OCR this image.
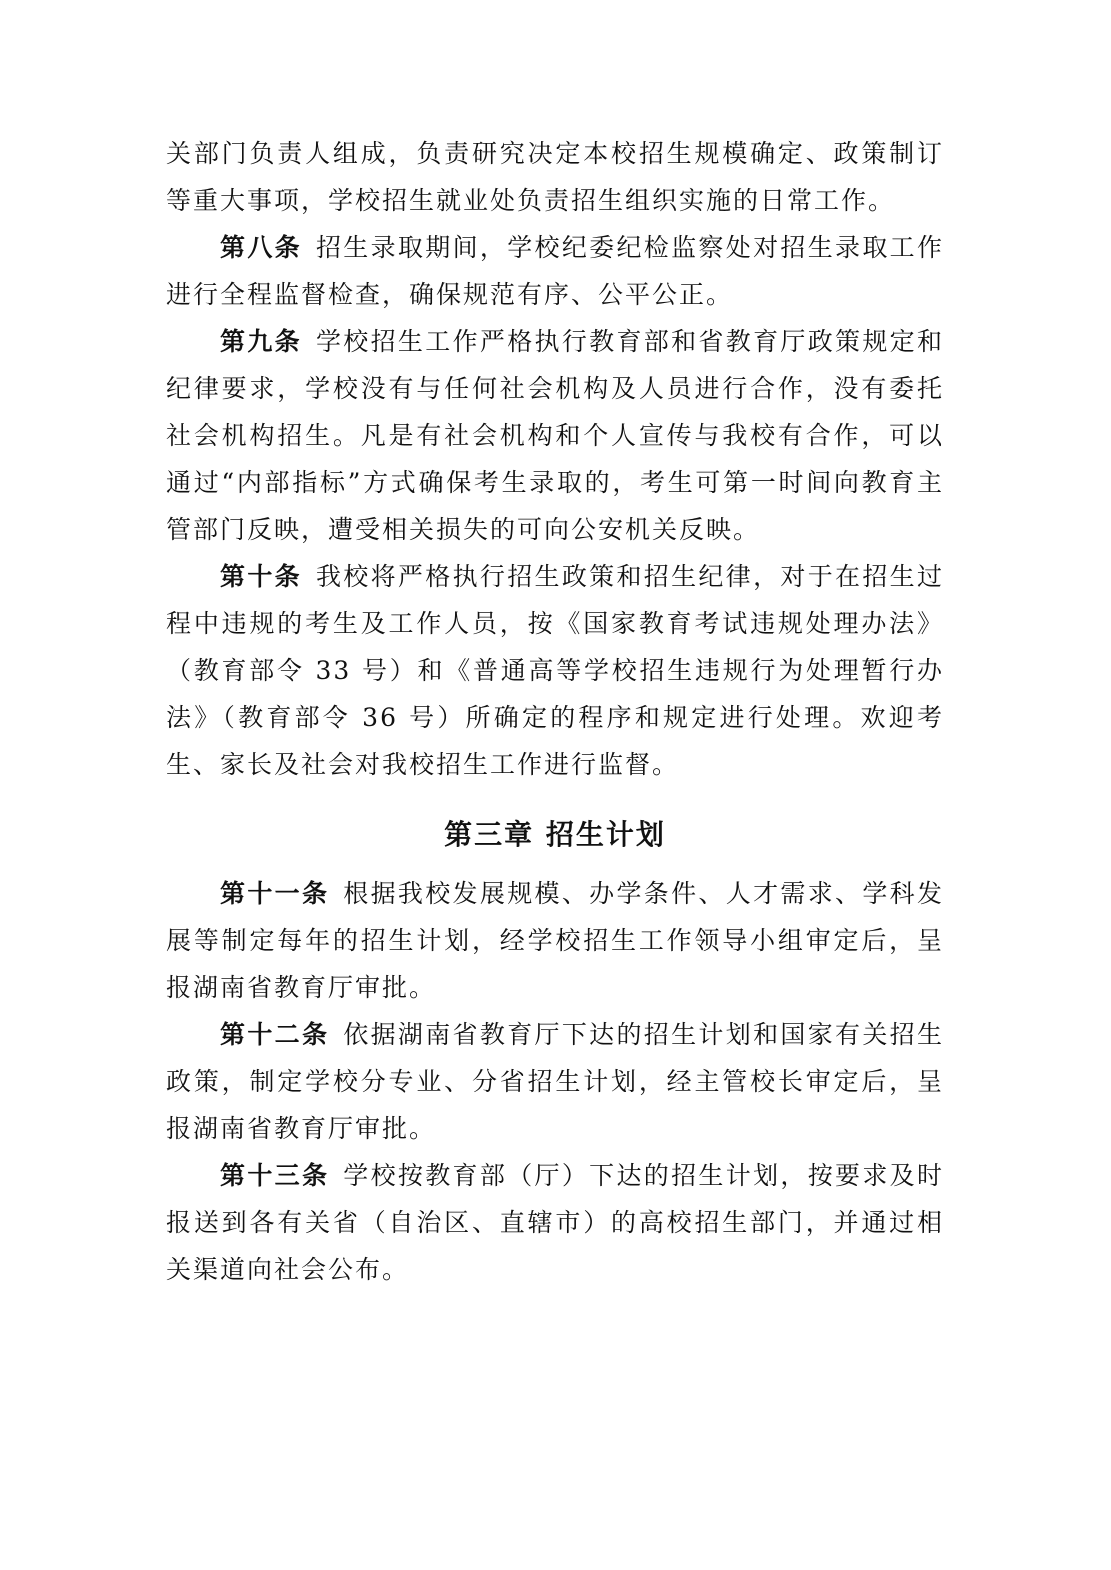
关部门负责人组成，负责研究决定本校招生规模确定、政策制订等重大事项，学校招生就业处负责招生组织实施的日常工作。

第八条 招生录取期间，学校纪委纪检监察处对招生录取工作进行全程监督检查，确保规范有序、公平公正。

第九条 学校招生工作严格执行教育部和省教育厅政策规定和纪律要求，学校没有与任何社会机构及人员进行合作，没有委托社会机构招生。凡是有社会机构和个人宣传与我校有合作，可以通过“内部指标”方式确保考生录取的，考生可第一时间向教育主管部门反映，遭受相关损失的可向公安机关反映。

第十条 我校将严格执行招生政策和招生纪律，对于在招生过程中违规的考生及工作人员，按《国家教育考试违规处理办法》（教育部令 33 号）和《普通高等学校招生违规行为处理暂行办法》（教育部令 36 号）所确定的程序和规定进行处理。欢迎考生、家长及社会对我校招生工作进行监督。

第三章 招生计划

第十一条 根据我校发展规模、办学条件、人才需求、学科发展等制定每年的招生计划，经学校招生工作领导小组审定后，呈报湖南省教育厅审批。

第十二条 依据湖南省教育厅下达的招生计划和国家有关招生政策，制定学校分专业、分省招生计划，经主管校长审定后，呈报湖南省教育厅审批。

第十三条 学校按教育部（厅）下达的招生计划，按要求及时报送到各有关省（自治区、直辖市）的高校招生部门，并通过相关渠道向社会公布。
